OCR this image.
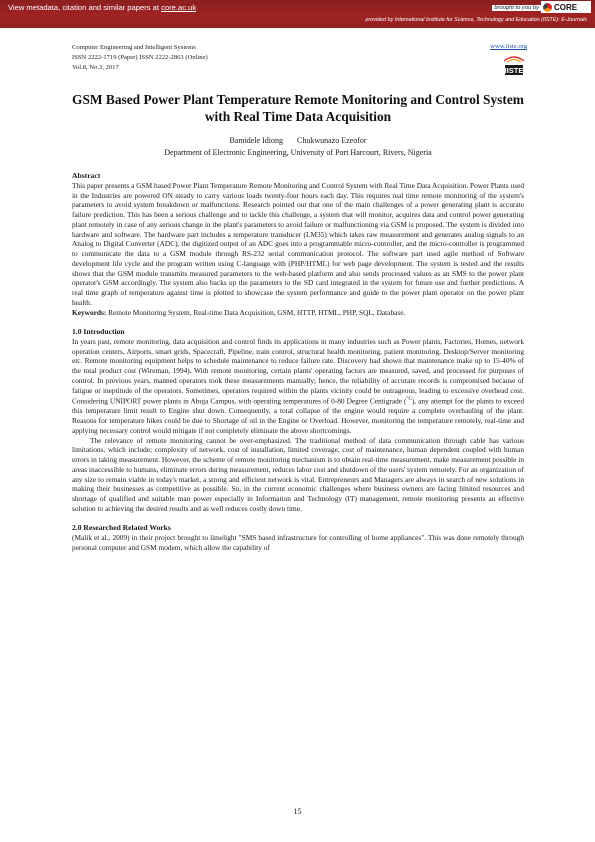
View metadata, citation and similar papers at core.ac.uk	brought to you by CORE
provided by International Institute for Science, Technology and Education (IISTE): E-Journals
Computer Engineering and Intelligent Systems
ISSN 2222-1719 (Paper) ISSN 2222-2863 (Online)
Vol.8, No.3, 2017
www.iiste.org
IISTE
GSM Based Power Plant Temperature Remote Monitoring and Control System with Real Time Data Acquisition
Bamidele Idiong Chukwunazo Ezeofor
Department of Electronic Engineering, University of Port Harcourt, Rivers, Nigeria
Abstract

This paper presents a GSM based Power Plant Temperature Remote Monitoring and Control System with Real Time Data Acquisition. Power Plants used in the Industries are powered ON steady to carry various loads twenty-four hours each day. This requires real time remote monitoring of the system's parameters to avoid system breakdown or malfunctions. Research pointed out that one of the main challenges of a power generating plant is accurate failure prediction. This has been a serious challenge and to tackle this challenge, a system that will monitor, acquires data and control power generating plant remotely in case of any serious change in the plant's parameters to avoid failure or malfunctioning via GSM is proposed. The system is divided into hardware and software. The hardware part includes a temperature transducer (LM35) which takes raw measurement and generates analog signals to an Analog to Digital Converter (ADC), the digitized output of an ADC goes into a programmable micro-controller, and the micro-controller is programmed to communicate the data to a GSM module through RS-232 serial communication protocol. The software part used agile method of Software development life cycle and the program written using C-language with (PHP/HTML) for web page development. The system is tested and the results shows that the GSM module transmits measured parameters to the web-based platform and also sends processed values as an SMS to the power plant operator's GSM accordingly. The system also backs up the parameters to the SD card integrated in the system for future use and further predictions. A real time graph of temperature against time is plotted to showcase the system performance and guide to the power plant operator on the power plant health.

Keywords: Remote Monitoring System, Real-time Data Acquisition, GSM, HTTP, HTML, PHP, SQL, Database.

1.0 Introduction

In years past, remote monitoring, data acquisition and control finds its applications in many industries such as Power plants, Factories, Homes, network operation centers, Airports, smart grids, Spacecraft, Pipeline, train control, structural health monitoring, patient monitoring, Desktop/Server monitoring etc. Remote monitoring equipment helps to schedule maintenance to reduce failure rate. Discovery had shown that maintenance make up to 15-40% of the total product cost (Wireman, 1994). With remote monitoring, certain plants' operating factors are measured, saved, and processed for purposes of control. In previous years, manned operators took these measurements manually; hence, the reliability of accurate records is compromised because of fatigue or ineptitude of the operators. Sometimes, operators required within the plants vicinity could be outrageous, leading to excessive overhead cost. Considering UNIPORT power plants in Abuja Campus, with operating temperatures of 0-80 Degree Centigrade ($^{^\circ C}$), any attempt for the plants to exceed this temperature limit result to Engine shut down. Consequently, a total collapse of the engine would require a complete overhauling of the plant. Reasons for temperature hikes could be due to Shortage of oil in the Engine or Overload. However, monitoring the temperature remotely, real-time and applying necessary control would mitigate if not completely eliminate the above shortcomings.

The relevance of remote monitoring cannot be over-emphasized. The traditional method of data communication through cable has various limitations, which include; complexity of network, cost of installation, limited coverage, cost of maintenance, human dependent coupled with human errors in taking measurement. However, the scheme of remote monitoring mechanism is to obtain real-time measurement, make measurement possible in areas inaccessible to humans, eliminate errors during measurement, reduces labor cost and shutdown of the users' system remotely. For an organization of any size to remain viable in today's market, a strong and efficient network is vital. Entrepreneurs and Managers are always in search of new solutions in making their businesses as competitive as possible. So, in the current economic challenges where business owners are facing limited resources and shortage of qualified and suitable man power especially in Information and Technology (IT) management, remote monitoring presents an effective solution to achieving the desired results and as well reduces costly down time.

2.0 Researched Related Works

(Malik et al., 2009) in their project brought to limelight "SMS based infrastructure for controlling of home appliances". This was done remotely through personal computer and GSM modem, which allow the capability of

15
